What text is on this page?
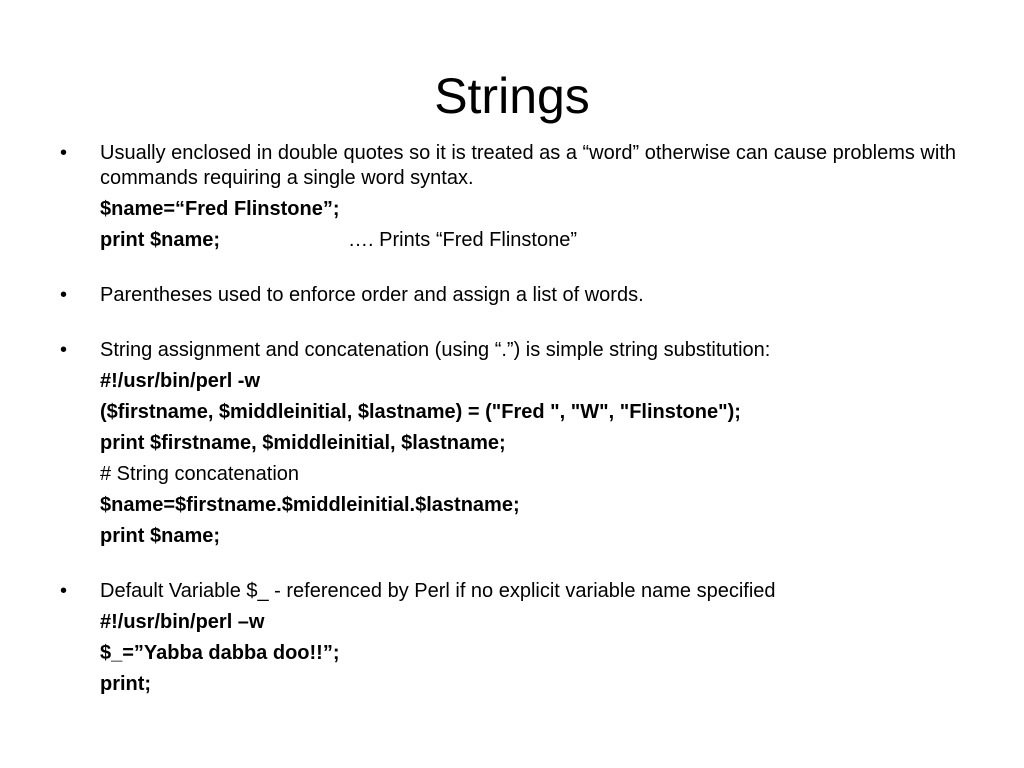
Strings
•	Usually enclosed in double quotes so it is treated as a “word” otherwise can cause problems with commands requiring a single word syntax.

$name=“Fred Flinstone”;
print $name;	…. Prints “Fred Flinstone”
•	Parentheses used to enforce order and assign a list of words.

•	String assignment and concatenation (using “.”) is simple string substitution:

#!/usr/bin/perl -w
($firstname, $middleinitial, $lastname) = ("Fred ", "W", "Flinstone");
print $firstname, $middleinitial, $lastname;
# String concatenation
$name=$firstname.$middleinitial.$lastname;
print $name;
•	Default Variable $_ - referenced by Perl if no explicit variable name specified

#!/usr/bin/perl –w
$_=”Yabba dabba doo!!”;
print;
